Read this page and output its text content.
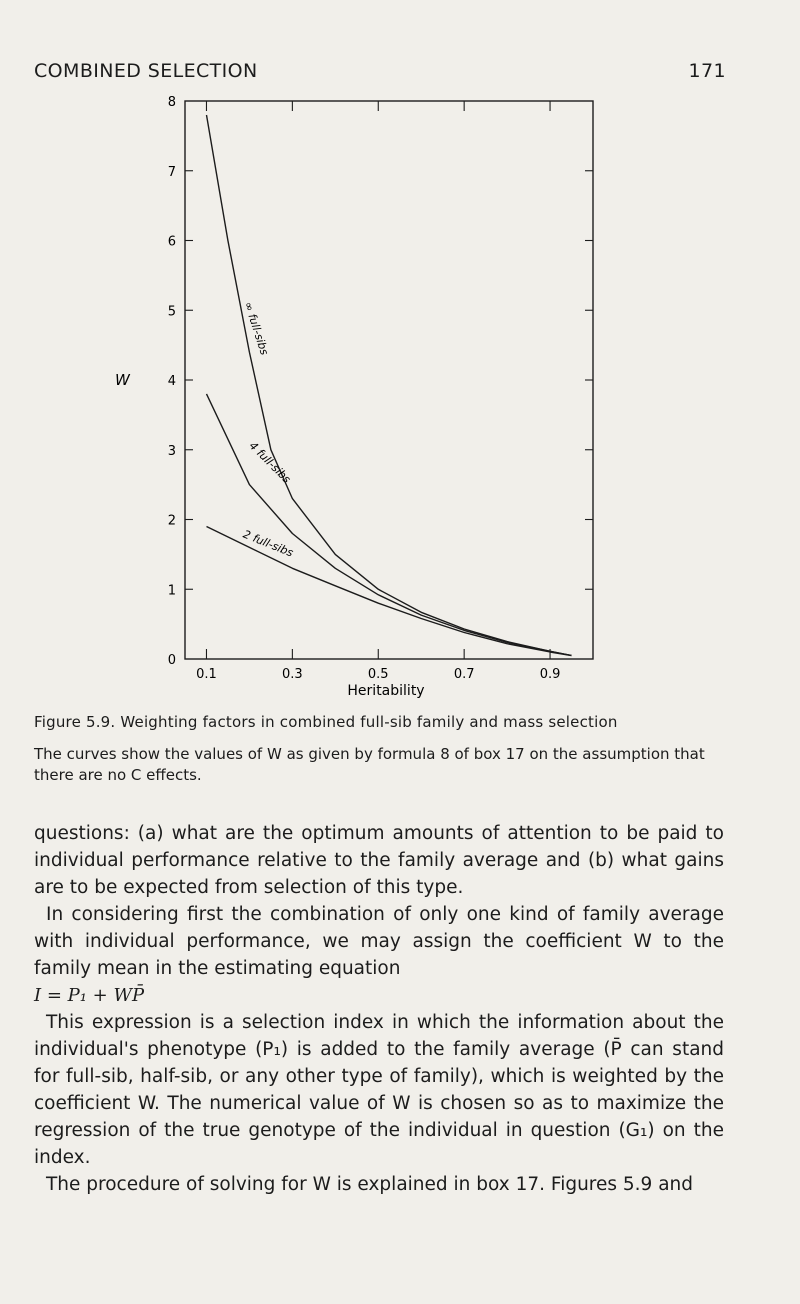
COMBINED SELECTION	171
0
1
2
3
4
5
6
7
8
0.1	0.3	0.5	0.7	0.9
∞ full-sibs
4 full-sibs
2 full-sibs
W
Heritability
Figure 5.9. Weighting factors in combined full-sib family and mass selection
The curves show the values of W as given by formula 8 of box 17 on the assumption that there are no C effects.

questions: (a) what are the optimum amounts of attention to be paid to individual performance relative to the family average and (b) what gains are to be expected from selection of this type.

In considering first the combination of only one kind of family average with individual performance, we may assign the coefficient W to the family mean in the estimating equation

I = P₁ + WP̄

This expression is a selection index in which the information about the individual's phenotype (P₁) is added to the family average (P̄ can stand for full-sib, half-sib, or any other type of family), which is weighted by the coefficient W. The numerical value of W is chosen so as to maximize the regression of the true genotype of the individual in question (G₁) on the index.

The procedure of solving for W is explained in box 17. Figures 5.9 and
